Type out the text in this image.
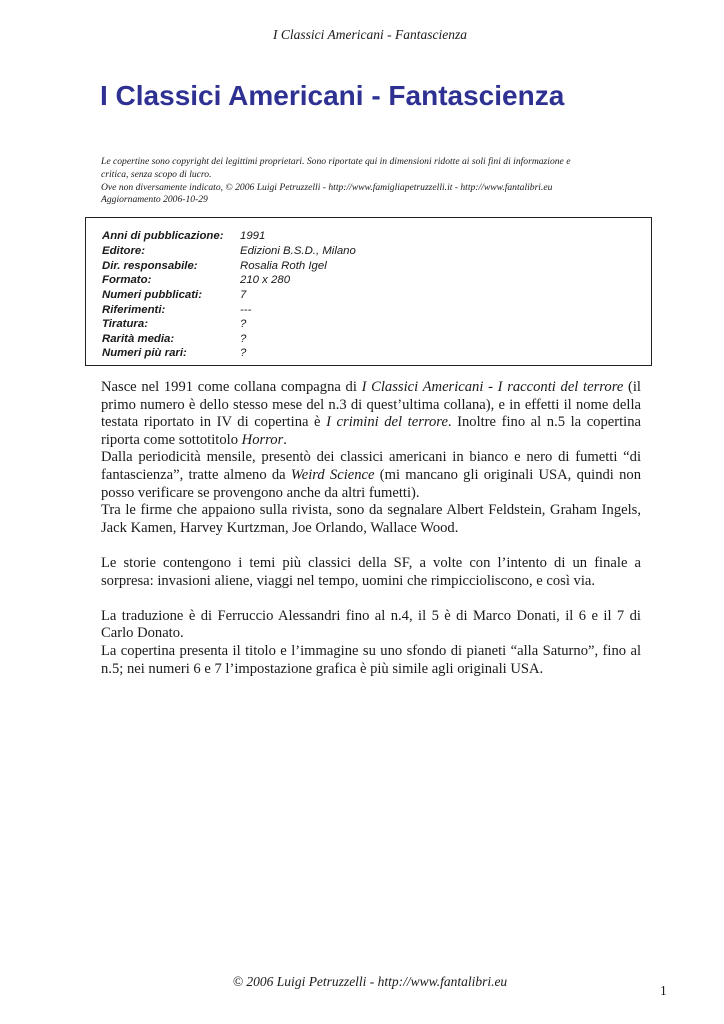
I Classici Americani - Fantascienza
I Classici Americani - Fantascienza
Le copertine sono copyright dei legittimi proprietari. Sono riportate qui in dimensioni ridotte ai soli fini di informazione e
critica, senza scopo di lucro.
Ove non diversamente indicato, © 2006 Luigi Petruzzelli - http://www.famigliapetruzzelli.it - http://www.fantalibri.eu
Aggiornamento 2006-10-29
Anni di pubblicazione: 1991
Editore:	Edizioni B.S.D., Milano
Dir. responsabile:	Rosalia Roth Igel
Formato:	210 x 280
Numeri pubblicati:	7
Riferimenti:	---
Tiratura:	?
Rarità media:	?
Numeri più rari:	?

Nasce nel 1991 come collana compagna di I Classici Americani - I racconti del terrore (il primo numero è dello stesso mese del n.3 di quest’ultima collana), e in effetti il nome della testata riportato in IV di copertina è I crimini del terrore. Inoltre fino al n.5 la copertina riporta come sottotitolo Horror.

Dalla periodicità mensile, presentò dei classici americani in bianco e nero di fumetti “di fantascienza”, tratte almeno da Weird Science (mi mancano gli originali USA, quindi non posso verificare se provengono anche da altri fumetti).

Tra le firme che appaiono sulla rivista, sono da segnalare Albert Feldstein, Graham Ingels, Jack Kamen, Harvey Kurtzman, Joe Orlando, Wallace Wood.

Le storie contengono i temi più classici della SF, a volte con l’intento di un finale a sorpresa: invasioni aliene, viaggi nel tempo, uomini che rimpiccioliscono, e così via.

La traduzione è di Ferruccio Alessandri fino al n.4, il 5 è di Marco Donati, il 6 e il 7 di Carlo Donato.

La copertina presenta il titolo e l’immagine su uno sfondo di pianeti “alla Saturno”, fino al n.5; nei numeri 6 e 7 l’impostazione grafica è più simile agli originali USA.

© 2006 Luigi Petruzzelli - http://www.fantalibri.eu
1
